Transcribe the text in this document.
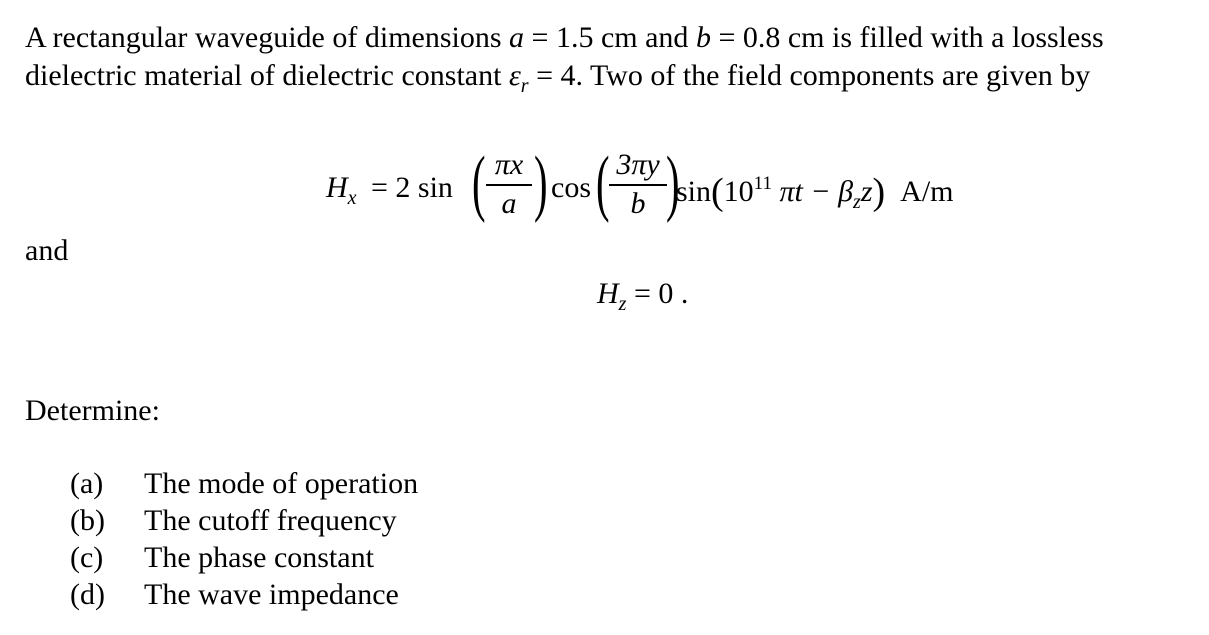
A rectangular waveguide of dimensions a = 1.5 cm and b = 0.8 cm is filled with a lossless
dielectric material of dielectric constant $\varepsilon_r = 4$. Two of the field components are given by
$H_x = 2$ sin ( πx
a ) cos ( 3πy
b )
$\sin(10^{11}$ $\pi t - \beta_zz$) A/m
and
$H_z = 0$ .
Determine:
(a) The mode of operation
(b) The cutoff frequency
(c) The phase constant
(d) The wave impedance
